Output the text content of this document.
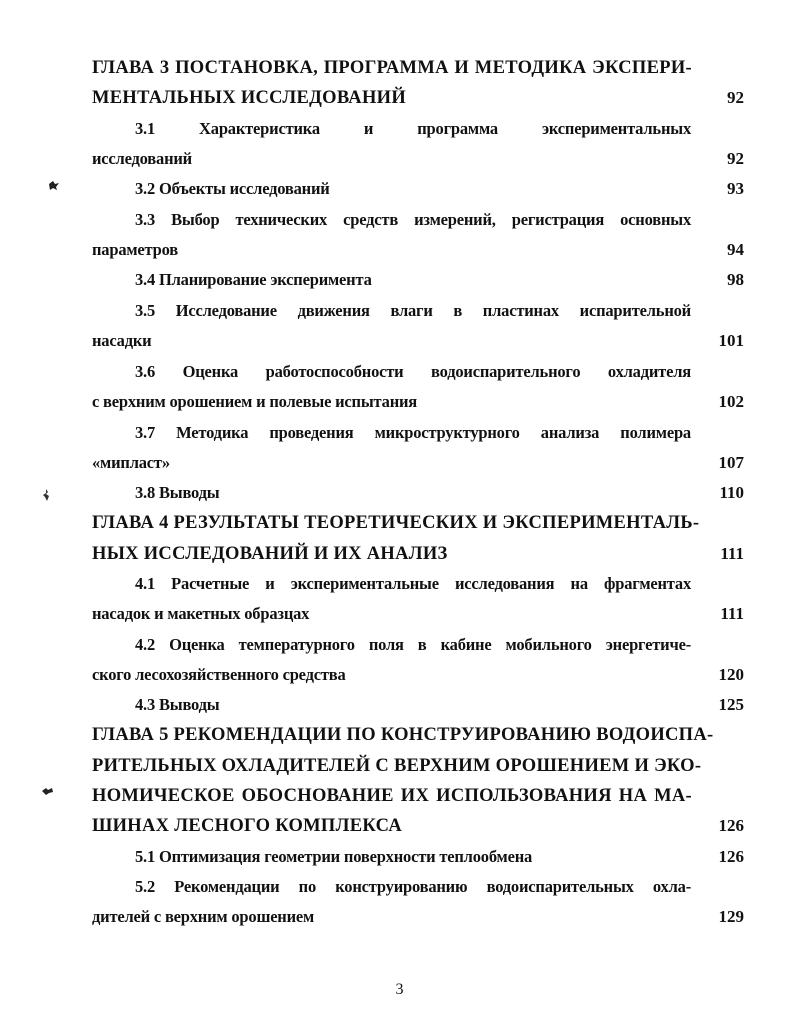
ГЛАВА 3 ПОСТАНОВКА, ПРОГРАММА И МЕТОДИКА ЭКСПЕРИ-
МЕНТАЛЬНЫХ ИССЛЕДОВАНИЙ	92
3.1 Характеристика и программа экспериментальных
исследований	92
3.2 Объекты исследований	93
3.3 Выбор технических средств измерений, регистрация основных
параметров	94
3.4 Планирование эксперимента	98
3.5 Исследование движения влаги в пластинах испарительной
насадки	101
3.6 Оценка работоспособности водоиспарительного охладителя
с верхним орошением и полевые испытания	102
3.7 Методика проведения микроструктурного анализа полимера
«мипласт»	107
3.8 Выводы	110
ГЛАВА 4 РЕЗУЛЬТАТЫ ТЕОРЕТИЧЕСКИХ И ЭКСПЕРИМЕНТАЛЬ-
НЫХ ИССЛЕДОВАНИЙ И ИХ АНАЛИЗ	111
4.1 Расчетные и экспериментальные исследования на фрагментах
насадок и макетных образцах	111
4.2 Оценка температурного поля в кабине мобильного энергетиче-
ского лесохозяйственного средства	120
4.3 Выводы	125
ГЛАВА 5 РЕКОМЕНДАЦИИ ПО КОНСТРУИРОВАНИЮ ВОДОИСПА-
РИТЕЛЬНЫХ ОХЛАДИТЕЛЕЙ С ВЕРХНИМ ОРОШЕНИЕМ И ЭКО-
НОМИЧЕСКОЕ ОБОСНОВАНИЕ ИХ ИСПОЛЬЗОВАНИЯ НА МА-
ШИНАХ ЛЕСНОГО КОМПЛЕКСА	126
5.1 Оптимизация геометрии поверхности теплообмена	126
5.2 Рекомендации по конструированию водоиспарительных охла-
дителей с верхним орошением	129
3
